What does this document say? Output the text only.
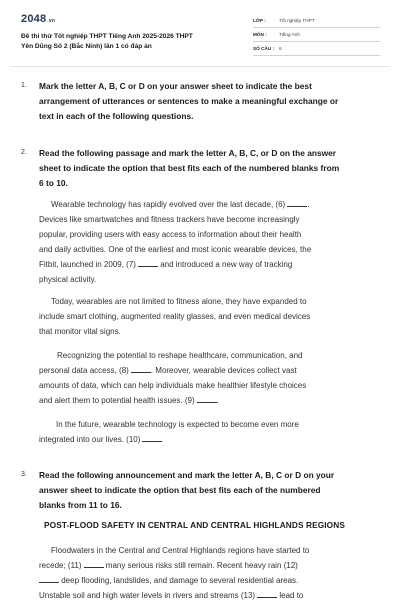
2048.vn
Đề thi thử Tốt nghiệp THPT Tiếng Anh 2025-2026 THPT
Yên Dũng Số 2 (Bắc Ninh) lần 1 có đáp án
LỚP :	Tốt nghiệp THPT
MÔN :	Tiếng Anh
SỐ CÂU : 6
1. Mark the letter A, B, C or D on your answer sheet to indicate the best
arrangement of utterances or sentences to make a meaningful exchange or
text in each of the following questions.
2. Read the following passage and mark the letter A, B, C, or D on the answer
sheet to indicate the option that best fits each of the numbered blanks from
6 to 10.
Wearable technology has rapidly evolved over the last decade, (6)	.
Devices like smartwatches and fitness trackers have become increasingly
popular, providing users with easy access to information about their health
and daily activities. One of the earliest and most iconic wearable devices, the
Fitbit, launched in 2009, (7)	and introduced a new way of tracking
physical activity.
Today, wearables are not limited to fitness alone, they have expanded to
include smart clothing, augmented reality glasses, and even medical devices
that monitor vital signs.
Recognizing the potential to reshape healthcare, communication, and
personal data access, (8)	. Moreover, wearable devices collect vast
amounts of data, which can help individuals make healthier lifestyle choices
and alert them to potential health issues. (9)	.
In the future, wearable technology is expected to become even more
integrated into our lives. (10)
3. Read the following announcement and mark the letter A, B, C or D on your
answer sheet to indicate the option that best fits each of the numbered
blanks from 11 to 16.
POST-FLOOD SAFETY IN CENTRAL AND CENTRAL HIGHLANDS REGIONS
Floodwaters in the Central and Central Highlands regions have started to
recede; (11)	many serious risks still remain. Recent heavy rain (12)
deep flooding, landslides, and damage to several residential areas.
Unstable soil and high water levels in rivers and streams (13)	lead to
